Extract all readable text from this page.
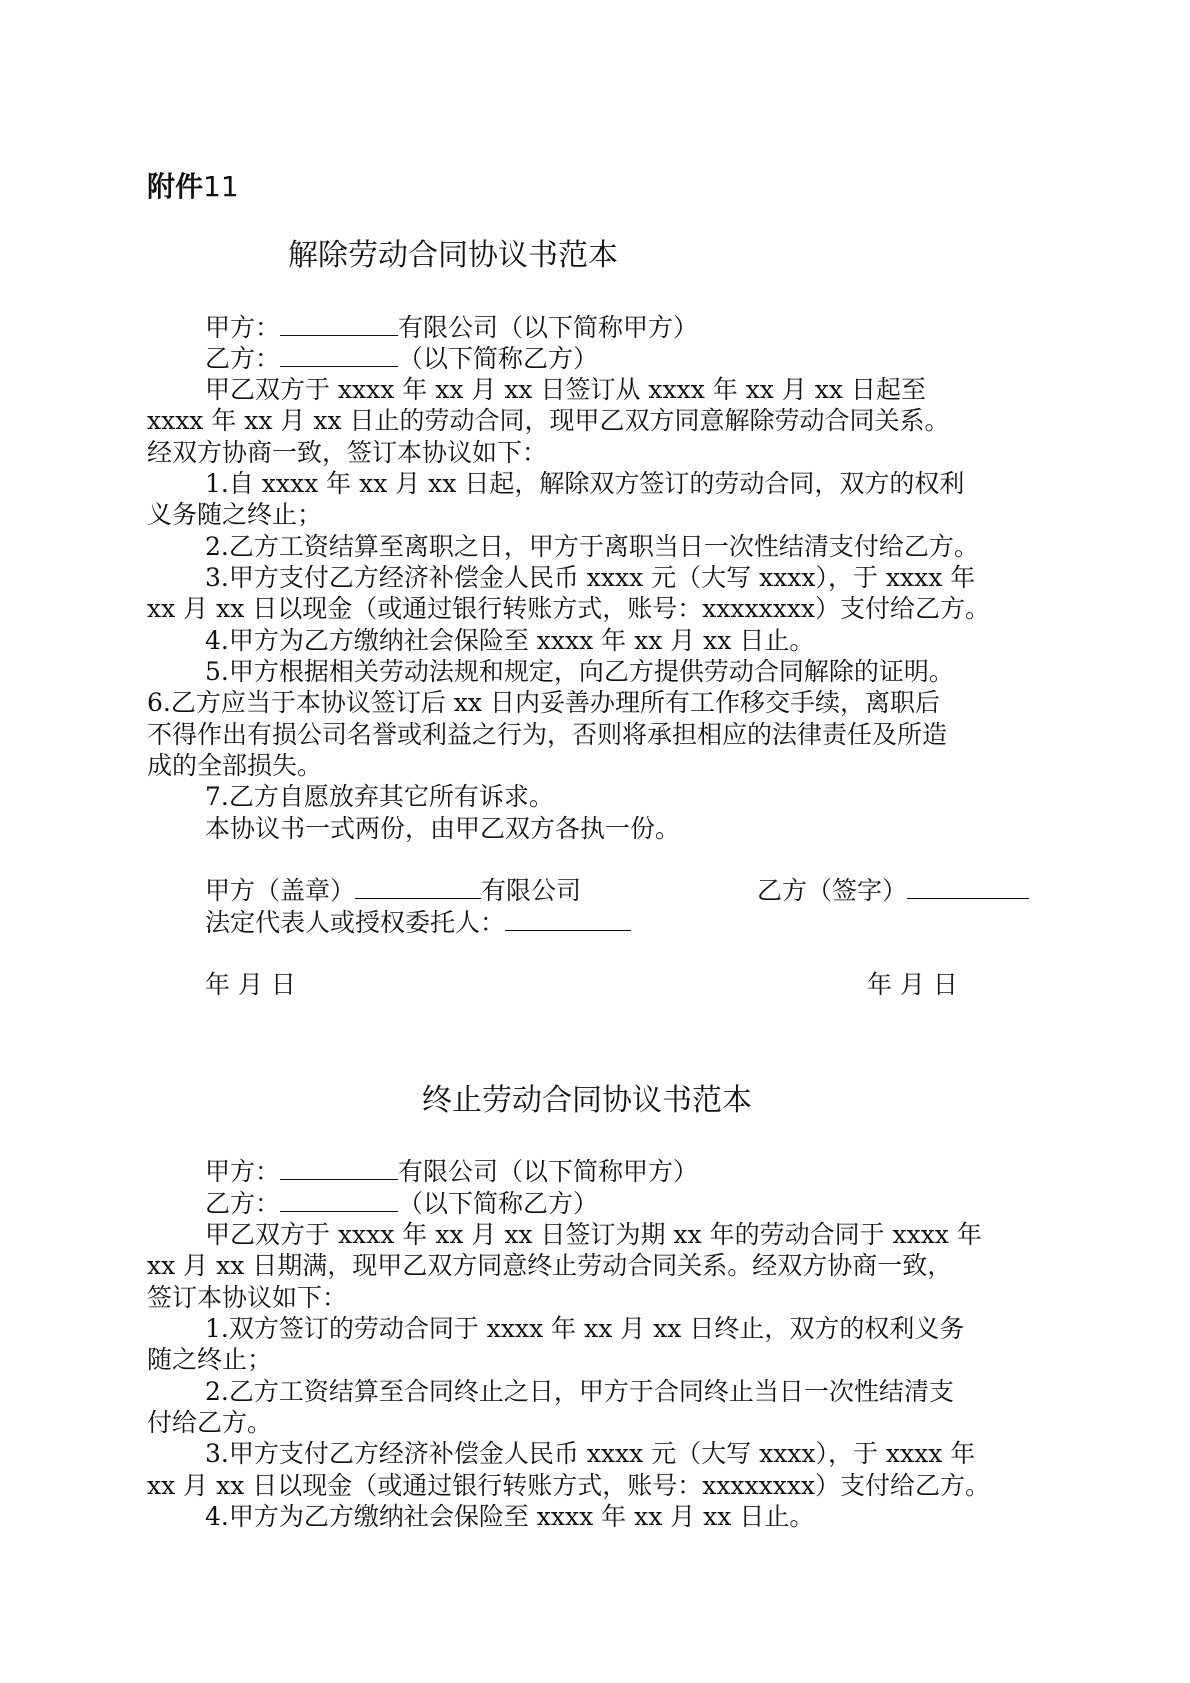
附件11
解除劳动合同协议书范本
甲方：	有限公司（以下简称甲方）
乙方：	（以下简称乙方）
甲乙双方于 xxxx 年 xx 月 xx 日签订从 xxxx 年 xx 月 xx 日起至
xxxx 年 xx 月 xx 日止的劳动合同，现甲乙双方同意解除劳动合同关系。
经双方协商一致，签订本协议如下：
1.自 xxxx 年 xx 月 xx 日起，解除双方签订的劳动合同，双方的权利
义务随之终止；
2.乙方工资结算至离职之日，甲方于离职当日一次性结清支付给乙方。
3.甲方支付乙方经济补偿金人民币 xxxx 元（大写 xxxx），于 xxxx 年
xx 月 xx 日以现金（或通过银行转账方式，账号：xxxxxxxx）支付给乙方。
4.甲方为乙方缴纳社会保险至 xxxx 年 xx 月 xx 日止。
5.甲方根据相关劳动法规和规定，向乙方提供劳动合同解除的证明。
6.乙方应当于本协议签订后 xx 日内妥善办理所有工作移交手续，离职后
不得作出有损公司名誉或利益之行为，否则将承担相应的法律责任及所造
成的全部损失。
7.乙方自愿放弃其它所有诉求。
本协议书一式两份，由甲乙双方各执一份。
甲方（盖章）	有限公司	乙方（签字）
法定代表人或授权委托人：
年 月 日	年 月 日
终止劳动合同协议书范本
甲方：	有限公司（以下简称甲方）
乙方：	（以下简称乙方）
甲乙双方于 xxxx 年 xx 月 xx 日签订为期 xx 年的劳动合同于 xxxx 年
xx 月 xx 日期满，现甲乙双方同意终止劳动合同关系。经双方协商一致，
签订本协议如下：
1.双方签订的劳动合同于 xxxx 年 xx 月 xx 日终止，双方的权利义务
随之终止；
2.乙方工资结算至合同终止之日，甲方于合同终止当日一次性结清支
付给乙方。
3.甲方支付乙方经济补偿金人民币 xxxx 元（大写 xxxx），于 xxxx 年
xx 月 xx 日以现金（或通过银行转账方式，账号：xxxxxxxx）支付给乙方。
4.甲方为乙方缴纳社会保险至 xxxx 年 xx 月 xx 日止。
